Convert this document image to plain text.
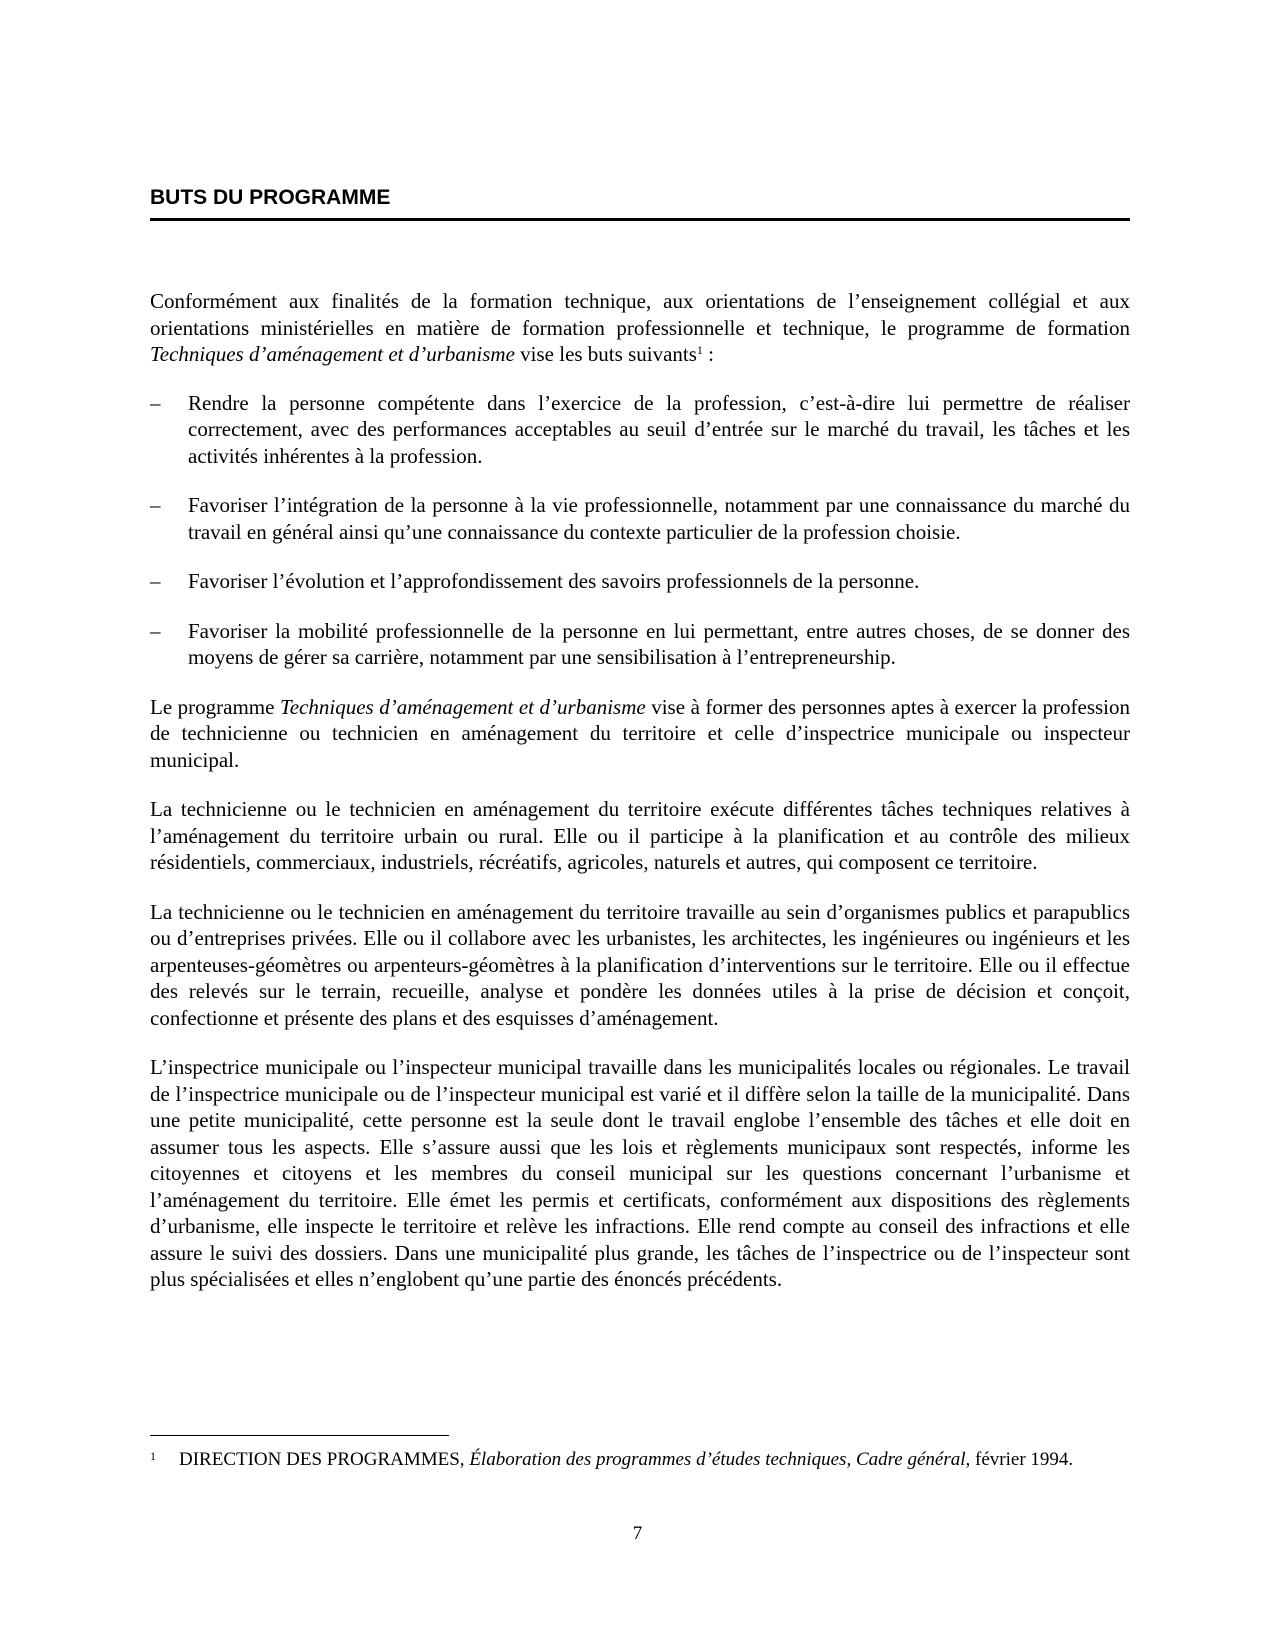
BUTS DU PROGRAMME

Conformément aux finalités de la formation technique, aux orientations de l’enseignement collégial et aux orientations ministérielles en matière de formation professionnelle et technique, le programme de formation Techniques d’aménagement et d’urbanisme vise les buts suivants$^1$ :

– Rendre la personne compétente dans l’exercice de la profession, c’est-à-dire lui permettre de réaliser correctement, avec des performances acceptables au seuil d’entrée sur le marché du travail, les tâches et les activités inhérentes à la profession.
– Favoriser l’intégration de la personne à la vie professionnelle, notamment par une connaissance du marché du travail en général ainsi qu’une connaissance du contexte particulier de la profession choisie.
– Favoriser l’évolution et l’approfondissement des savoirs professionnels de la personne.
– Favoriser la mobilité professionnelle de la personne en lui permettant, entre autres choses, de se donner des moyens de gérer sa carrière, notamment par une sensibilisation à l’entrepreneurship.

Le programme Techniques d’aménagement et d’urbanisme vise à former des personnes aptes à exercer la profession de technicienne ou technicien en aménagement du territoire et celle d’inspectrice municipale ou inspecteur municipal.

La technicienne ou le technicien en aménagement du territoire exécute différentes tâches techniques relatives à l’aménagement du territoire urbain ou rural. Elle ou il participe à la planification et au contrôle des milieux résidentiels, commerciaux, industriels, récréatifs, agricoles, naturels et autres, qui composent ce territoire.

La technicienne ou le technicien en aménagement du territoire travaille au sein d’organismes publics et parapublics ou d’entreprises privées. Elle ou il collabore avec les urbanistes, les architectes, les ingénieures ou ingénieurs et les arpenteuses-géomètres ou arpenteurs-géomètres à la planification d’interventions sur le territoire. Elle ou il effectue des relevés sur le terrain, recueille, analyse et pondère les données utiles à la prise de décision et conçoit, confectionne et présente des plans et des esquisses d’aménagement.

L’inspectrice municipale ou l’inspecteur municipal travaille dans les municipalités locales ou régionales. Le travail de l’inspectrice municipale ou de l’inspecteur municipal est varié et il diffère selon la taille de la municipalité. Dans une petite municipalité, cette personne est la seule dont le travail englobe l’ensemble des tâches et elle doit en assumer tous les aspects. Elle s’assure aussi que les lois et règlements municipaux sont respectés, informe les citoyennes et citoyens et les membres du conseil municipal sur les questions concernant l’urbanisme et l’aménagement du territoire. Elle émet les permis et certificats, conformément aux dispositions des règlements d’urbanisme, elle inspecte le territoire et relève les infractions. Elle rend compte au conseil des infractions et elle assure le suivi des dossiers. Dans une municipalité plus grande, les tâches de l’inspectrice ou de l’inspecteur sont plus spécialisées et elles n’englobent qu’une partie des énoncés précédents.

1	DIRECTION DES PROGRAMMES, Élaboration des programmes d’études techniques, Cadre général, février 1994.
7
